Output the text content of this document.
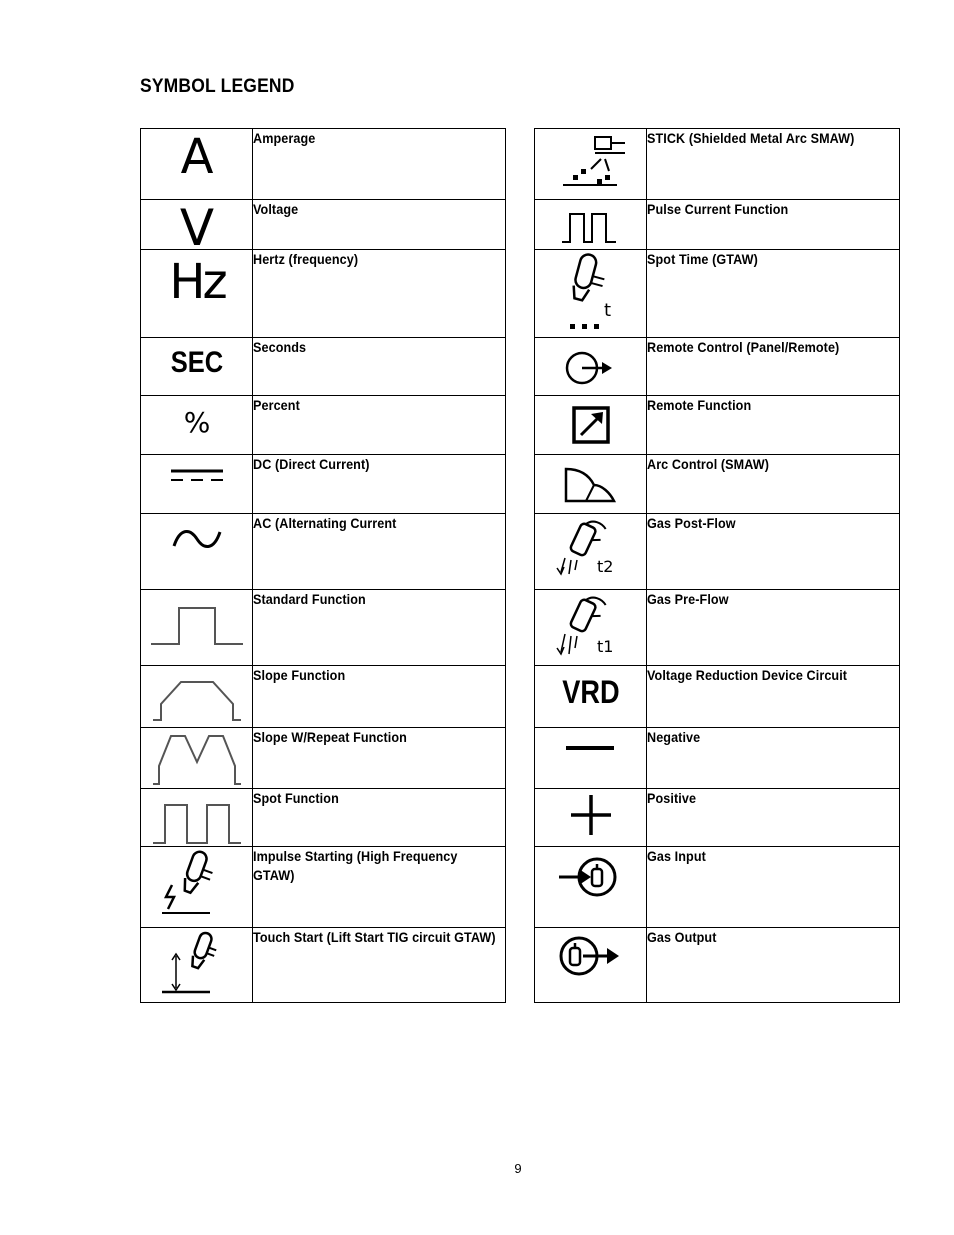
SYMBOL LEGEND
A	Amperage

V	Voltage

Hz	Hertz (frequency)

SEC	Seconds

%	Percent

DC (Direct Current)

AC (Alternating Current

Standard Function

Slope Function

Slope W/Repeat Function

Spot Function

Impulse Starting (High Frequency GTAW)

Touch Start (Lift Start TIG circuit GTAW)

STICK (Shielded Metal Arc SMAW)

Pulse Current Function

t	Spot Time (GTAW)

Remote Control (Panel/Remote)

Remote Function

Arc Control (SMAW)

t2	Gas Post-Flow

t1	Gas Pre-Flow

VRD	Voltage Reduction Device Circuit

Negative

Positive

Gas Input

Gas Output
9
